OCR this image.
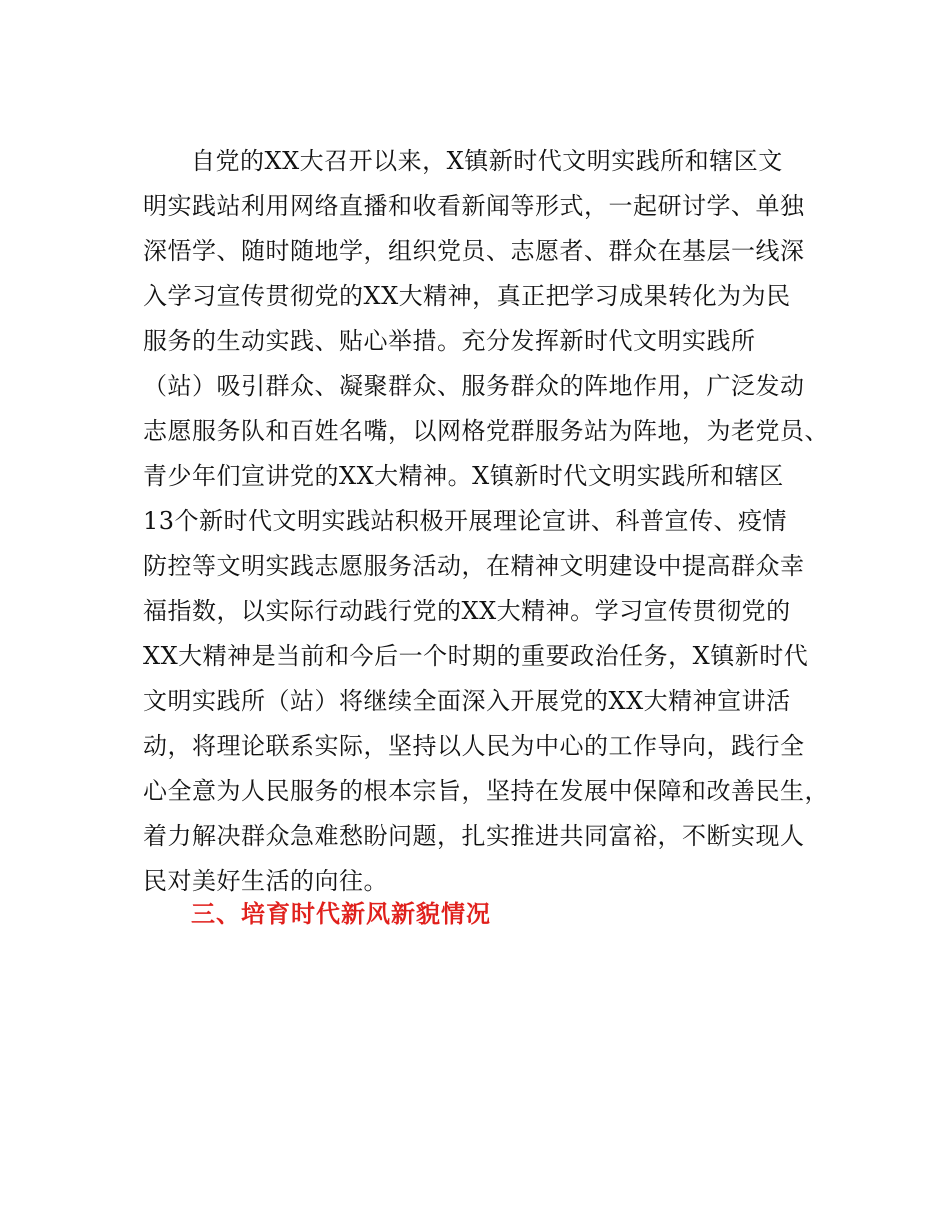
自党的XX大召开以来，X镇新时代文明实践所和辖区文
明实践站利用网络直播和收看新闻等形式，一起研讨学、单独
深悟学、随时随地学，组织党员、志愿者、群众在基层一线深
入学习宣传贯彻党的XX大精神，真正把学习成果转化为为民
服务的生动实践、贴心举措。充分发挥新时代文明实践所
（站）吸引群众、凝聚群众、服务群众的阵地作用，广泛发动
志愿服务队和百姓名嘴，以网格党群服务站为阵地，为老党员、
青少年们宣讲党的XX大精神。X镇新时代文明实践所和辖区
13个新时代文明实践站积极开展理论宣讲、科普宣传、疫情
防控等文明实践志愿服务活动，在精神文明建设中提高群众幸
福指数，以实际行动践行党的XX大精神。学习宣传贯彻党的
XX大精神是当前和今后一个时期的重要政治任务，X镇新时代
文明实践所（站）将继续全面深入开展党的XX大精神宣讲活
动，将理论联系实际，坚持以人民为中心的工作导向，践行全
心全意为人民服务的根本宗旨，坚持在发展中保障和改善民生，
着力解决群众急难愁盼问题，扎实推进共同富裕，不断实现人
民对美好生活的向往。
三、培育时代新风新貌情况
